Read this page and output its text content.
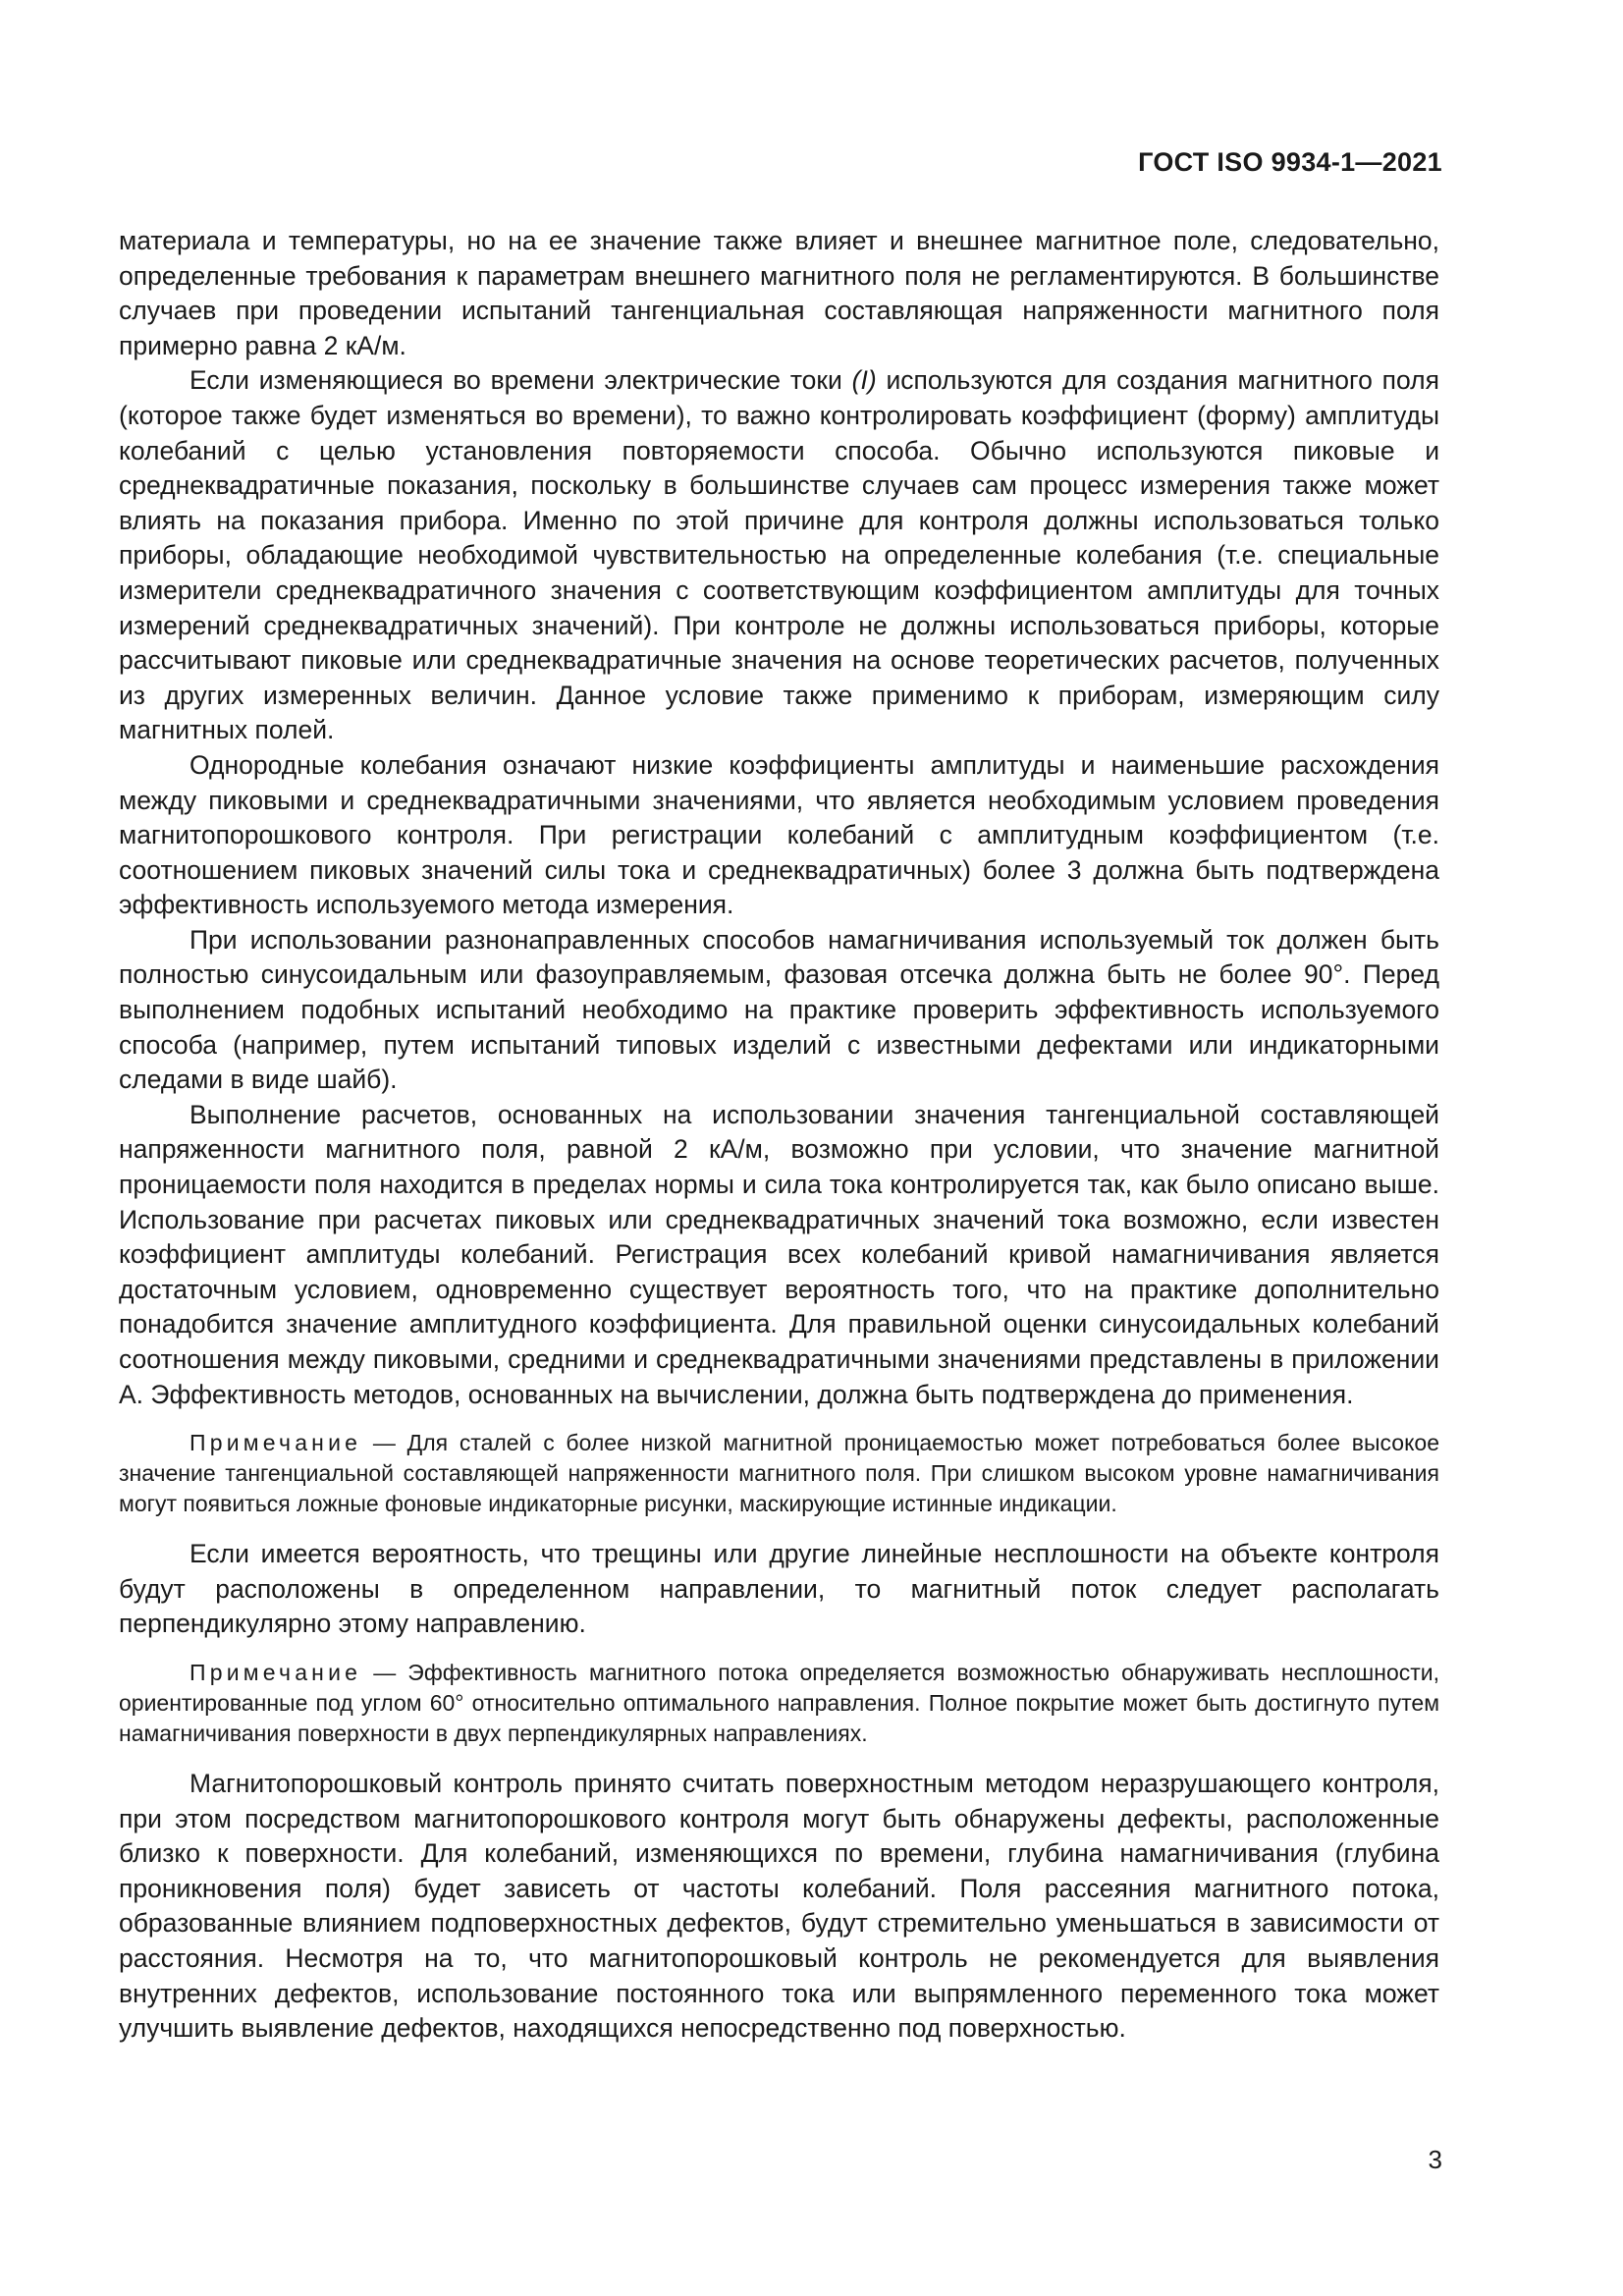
ГОСТ ISO 9934-1—2021

материала и температуры, но на ее значение также влияет и внешнее магнитное поле, следовательно, определенные требования к параметрам внешнего магнитного поля не регламентируются. В большинстве случаев при проведении испытаний тангенциальная составляющая напряженности магнитного поля примерно равна 2 кА/м.

Если изменяющиеся во времени электрические токи (I) используются для создания магнитного поля (которое также будет изменяться во времени), то важно контролировать коэффициент (форму) амплитуды колебаний с целью установления повторяемости способа. Обычно используются пиковые и среднеквадратичные показания, поскольку в большинстве случаев сам процесс измерения также может влиять на показания прибора. Именно по этой причине для контроля должны использоваться только приборы, обладающие необходимой чувствительностью на определенные колебания (т.е. специальные измерители среднеквадратичного значения с соответствующим коэффициентом амплитуды для точных измерений среднеквадратичных значений). При контроле не должны использоваться приборы, которые рассчитывают пиковые или среднеквадратичные значения на основе теоретических расчетов, полученных из других измеренных величин. Данное условие также применимо к приборам, измеряющим силу магнитных полей.

Однородные колебания означают низкие коэффициенты амплитуды и наименьшие расхождения между пиковыми и среднеквадратичными значениями, что является необходимым условием проведения магнитопорошкового контроля. При регистрации колебаний с амплитудным коэффициентом (т.е. соотношением пиковых значений силы тока и среднеквадратичных) более 3 должна быть подтверждена эффективность используемого метода измерения.

При использовании разнонаправленных способов намагничивания используемый ток должен быть полностью синусоидальным или фазоуправляемым, фазовая отсечка должна быть не более 90°. Перед выполнением подобных испытаний необходимо на практике проверить эффективность используемого способа (например, путем испытаний типовых изделий с известными дефектами или индикаторными следами в виде шайб).

Выполнение расчетов, основанных на использовании значения тангенциальной составляющей напряженности магнитного поля, равной 2 кА/м, возможно при условии, что значение магнитной проницаемости поля находится в пределах нормы и сила тока контролируется так, как было описано выше. Использование при расчетах пиковых или среднеквадратичных значений тока возможно, если известен коэффициент амплитуды колебаний. Регистрация всех колебаний кривой намагничивания является достаточным условием, одновременно существует вероятность того, что на практике дополнительно понадобится значение амплитудного коэффициента. Для правильной оценки синусоидальных колебаний соотношения между пиковыми, средними и среднеквадратичными значениями представлены в приложении А. Эффективность методов, основанных на вычислении, должна быть подтверждена до применения.

Примечание — Для сталей с более низкой магнитной проницаемостью может потребоваться более высокое значение тангенциальной составляющей напряженности магнитного поля. При слишком высоком уровне намагничивания могут появиться ложные фоновые индикаторные рисунки, маскирующие истинные индикации.

Если имеется вероятность, что трещины или другие линейные несплошности на объекте контроля будут расположены в определенном направлении, то магнитный поток следует располагать перпендикулярно этому направлению.

Примечание — Эффективность магнитного потока определяется возможностью обнаруживать несплошности, ориентированные под углом 60° относительно оптимального направления. Полное покрытие может быть достигнуто путем намагничивания поверхности в двух перпендикулярных направлениях.

Магнитопорошковый контроль принято считать поверхностным методом неразрушающего контроля, при этом посредством магнитопорошкового контроля могут быть обнаружены дефекты, расположенные близко к поверхности. Для колебаний, изменяющихся по времени, глубина намагничивания (глубина проникновения поля) будет зависеть от частоты колебаний. Поля рассеяния магнитного потока, образованные влиянием подповерхностных дефектов, будут стремительно уменьшаться в зависимости от расстояния. Несмотря на то, что магнитопорошковый контроль не рекомендуется для выявления внутренних дефектов, использование постоянного тока или выпрямленного переменного тока может улучшить выявление дефектов, находящихся непосредственно под поверхностью.

3
